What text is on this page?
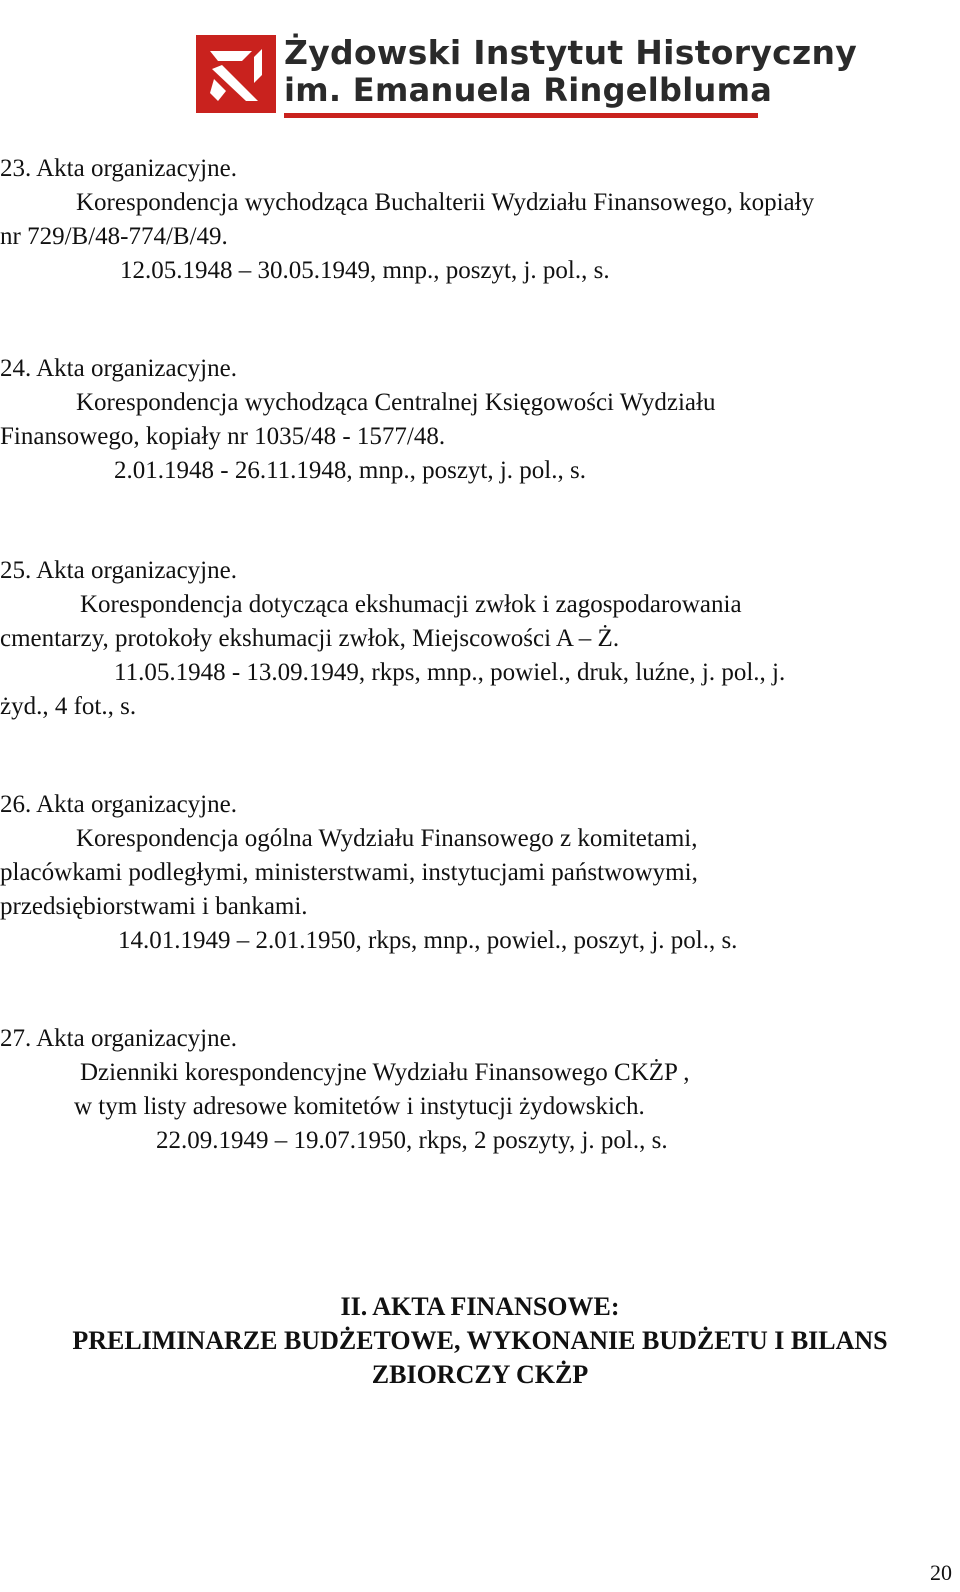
Żydowski Instytut Historyczny
im. Emanuela Ringelbluma
23. Akta organizacyjne.
Korespondencja wychodząca Buchalterii Wydziału Finansowego, kopiały
nr 729/B/48-774/B/49.
12.05.1948 – 30.05.1949, mnp., poszyt, j. pol., s.
24. Akta organizacyjne.
Korespondencja wychodząca Centralnej Księgowości Wydziału
Finansowego, kopiały nr 1035/48 - 1577/48.
2.01.1948 - 26.11.1948, mnp., poszyt, j. pol., s.
25. Akta organizacyjne.
Korespondencja dotycząca ekshumacji zwłok i zagospodarowania
cmentarzy, protokoły ekshumacji zwłok, Miejscowości A – Ż.
11.05.1948 - 13.09.1949, rkps, mnp., powiel., druk, luźne, j. pol., j.
żyd., 4 fot., s.
26. Akta organizacyjne.
Korespondencja ogólna Wydziału Finansowego z komitetami,
placówkami podległymi, ministerstwami, instytucjami państwowymi,
przedsiębiorstwami i bankami.
14.01.1949 – 2.01.1950, rkps, mnp., powiel., poszyt, j. pol., s.
27. Akta organizacyjne.
Dzienniki korespondencyjne Wydziału Finansowego CKŻP ,
w tym listy adresowe komitetów i instytucji żydowskich.
22.09.1949 – 19.07.1950, rkps, 2 poszyty, j. pol., s.
II. AKTA FINANSOWE:
PRELIMINARZE BUDŻETOWE, WYKONANIE BUDŻETU I BILANS
ZBIORCZY CKŻP
20
